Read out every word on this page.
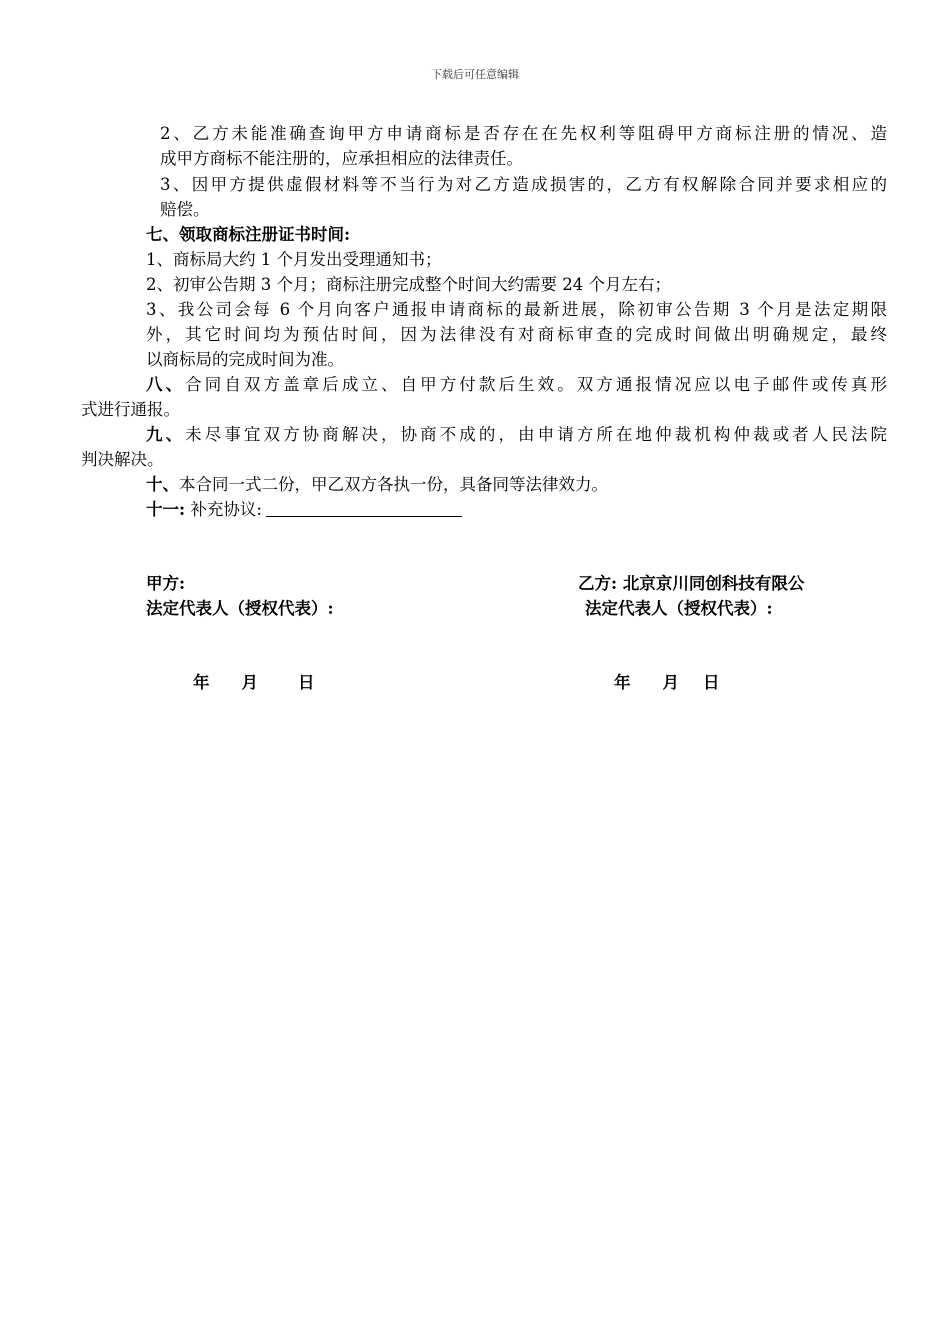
下载后可任意编辑
2、乙方未能准确查询甲方申请商标是否存在在先权利等阻碍甲方商标注册的情况、造
成甲方商标不能注册的，应承担相应的法律责任。
3、因甲方提供虚假材料等不当行为对乙方造成损害的，乙方有权解除合同并要求相应的
赔偿。
七、领取商标注册证书时间:
1、商标局大约 1 个月发出受理通知书；
2、初审公告期 3 个月；商标注册完成整个时间大约需要 24 个月左右；
3、我公司会每 6 个月向客户通报申请商标的最新进展，除初审公告期 3 个月是法定期限
外，其它时间均为预估时间，因为法律没有对商标审查的完成时间做出明确规定，最终
以商标局的完成时间为准。
八、合同自双方盖章后成立、自甲方付款后生效。双方通报情况应以电子邮件或传真形
式进行通报。
九、未尽事宜双方协商解决，协商不成的，由申请方所在地仲裁机构仲裁或者人民法院
判决解决。
十、本合同一式二份，甲乙双方各执一份，具备同等法律效力。
十一: 补充协议:
甲方:	乙方: 北京京川同创科技有限公
法定代表人（授权代表）:	法定代表人（授权代表）:
年 月 日	年 月 日
